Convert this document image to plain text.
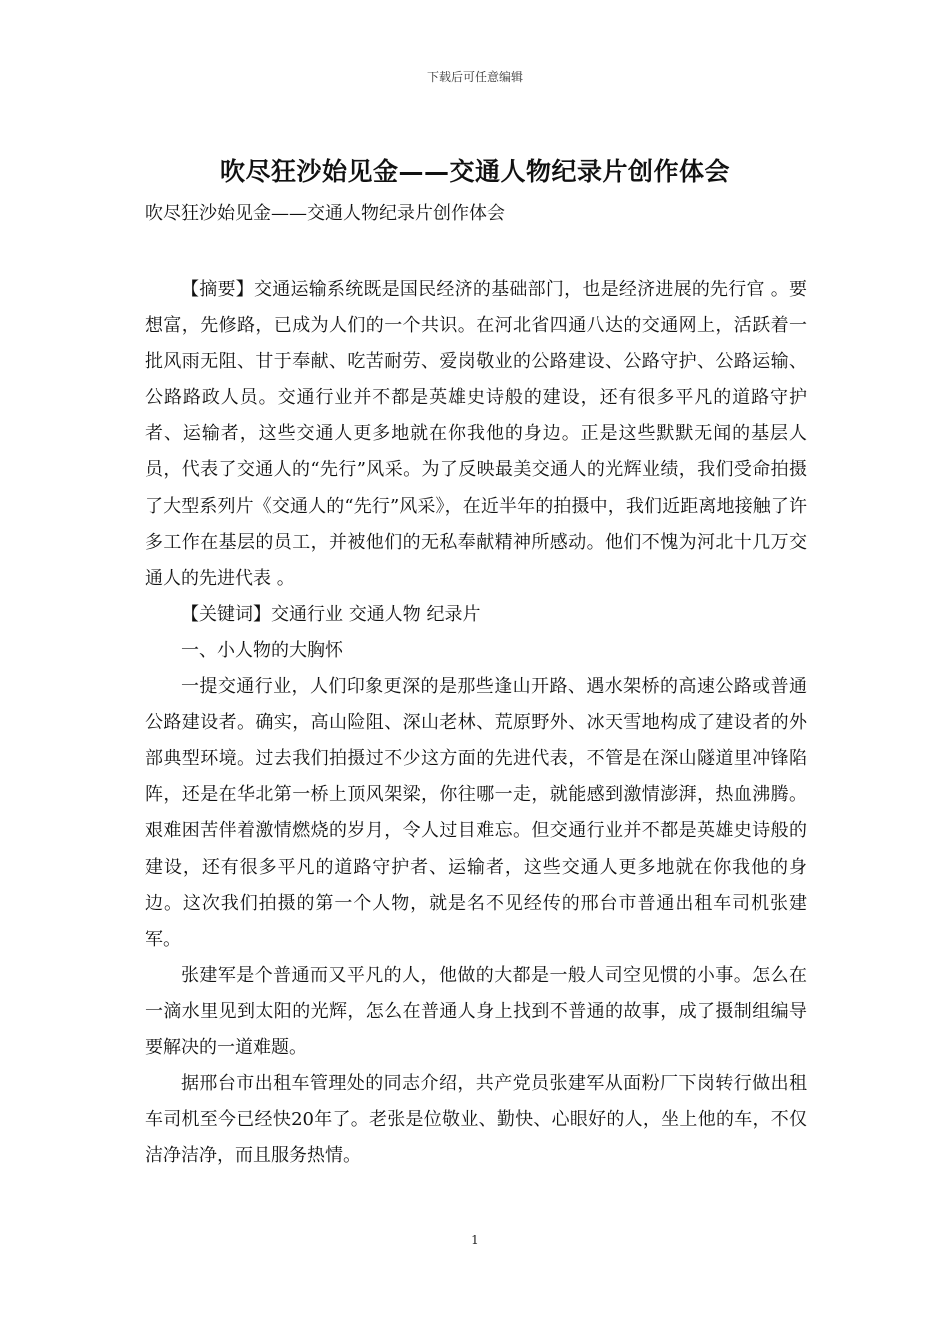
下载后可任意编辑
吹尽狂沙始见金——交通人物纪录片创作体会
吹尽狂沙始见金——交通人物纪录片创作体会

【摘要】交通运输系统既是国民经济的基础部门，也是经济进展的先行官 。要想富，先修路，已成为人们的一个共识。在河北省四通八达的交通网上，活跃着一批风雨无阻、甘于奉献、吃苦耐劳、爱岗敬业的公路建设、公路守护、公路运输、公路路政人员。交通行业并不都是英雄史诗般的建设，还有很多平凡的道路守护者、运输者，这些交通人更多地就在你我他的身边。正是这些默默无闻的基层人员，代表了交通人的“先行”风采。为了反映最美交通人的光辉业绩，我们受命拍摄了大型系列片《交通人的“先行”风采》，在近半年的拍摄中，我们近距离地接触了许多工作在基层的员工，并被他们的无私奉献精神所感动。他们不愧为河北十几万交通人的先进代表 。

【关键词】交通行业 交通人物 纪录片

一、小人物的大胸怀

一提交通行业，人们印象更深的是那些逢山开路、遇水架桥的高速公路或普通公路建设者。确实，高山险阻、深山老林、荒原野外、冰天雪地构成了建设者的外部典型环境。过去我们拍摄过不少这方面的先进代表，不管是在深山隧道里冲锋陷阵，还是在华北第一桥上顶风架梁，你往哪一走，就能感到激情澎湃，热血沸腾。艰难困苦伴着激情燃烧的岁月，令人过目难忘。但交通行业并不都是英雄史诗般的建设，还有很多平凡的道路守护者、运输者，这些交通人更多地就在你我他的身边。这次我们拍摄的第一个人物，就是名不见经传的邢台市普通出租车司机张建军。

张建军是个普通而又平凡的人，他做的大都是一般人司空见惯的小事。怎么在一滴水里见到太阳的光辉，怎么在普通人身上找到不普通的故事，成了摄制组编导要解决的一道难题。

据邢台市出租车管理处的同志介绍，共产党员张建军从面粉厂下岗转行做出租车司机至今已经快20年了。老张是位敬业、勤快、心眼好的人，坐上他的车，不仅洁净洁净，而且服务热情。

1
